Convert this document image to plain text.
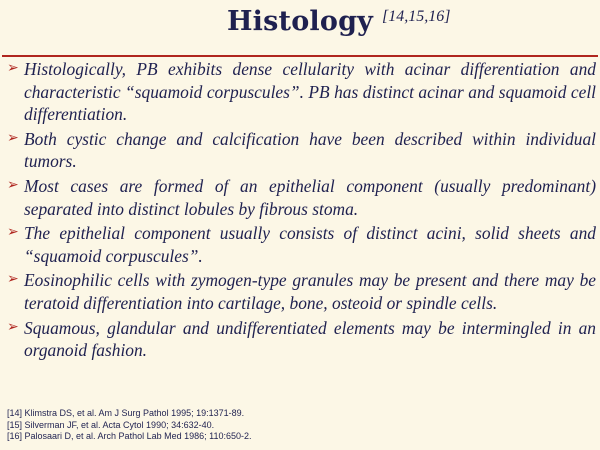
Histology [14,15,16]
➢ Histologically, PB exhibits dense cellularity with acinar differentiation and characteristic “squamoid corpuscules”. PB has distinct acinar and squamoid cell differentiation.
➢ Both cystic change and calcification have been described within individual tumors.
➢ Most cases are formed of an epithelial component (usually predominant) separated into distinct lobules by fibrous stoma.
➢ The epithelial component usually consists of distinct acini, solid sheets and “squamoid corpuscules”.
➢ Eosinophilic cells with zymogen-type granules may be present and there may be teratoid differentiation into cartilage, bone, osteoid or spindle cells.
➢ Squamous, glandular and undifferentiated elements may be intermingled in an organoid fashion.
[14] Klimstra DS, et al. Am J Surg Pathol 1995; 19:1371-89.
[15] Silverman JF, et al. Acta Cytol 1990; 34:632-40.
[16] Palosaari D, et al. Arch Pathol Lab Med 1986; 110:650-2.
